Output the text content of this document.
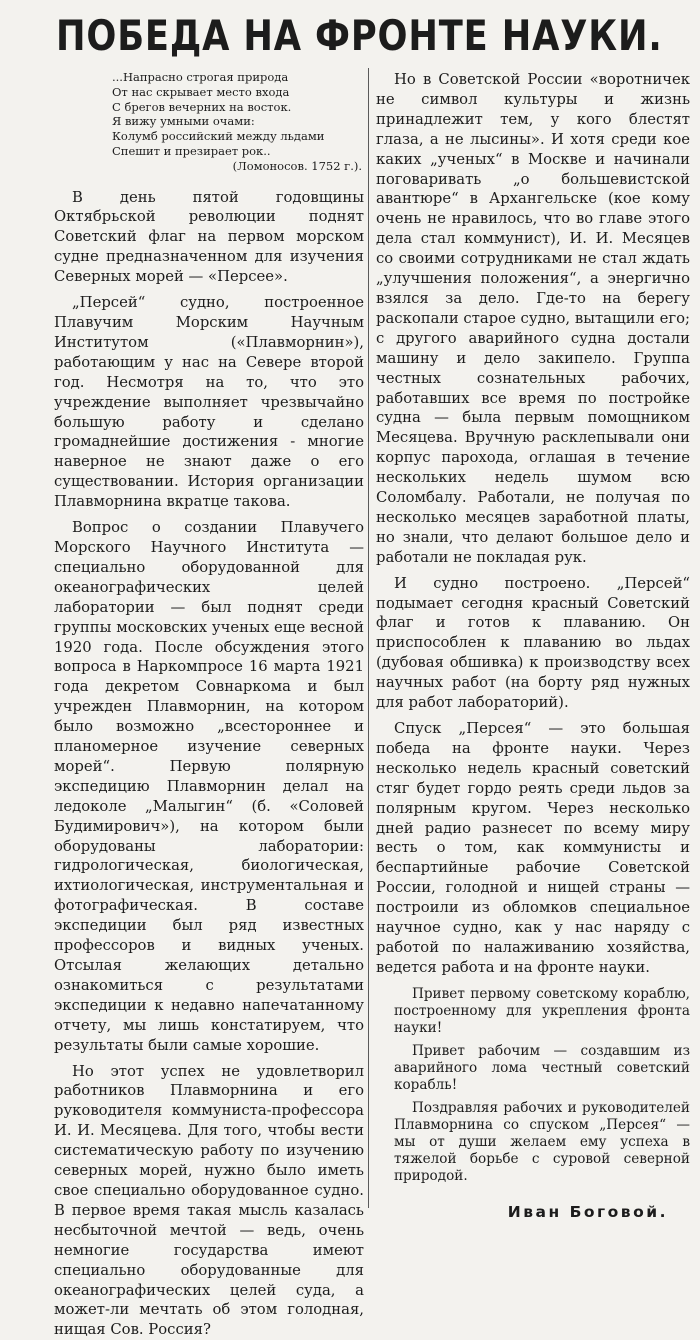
ПОБЕДА НА ФРОНТЕ НАУКИ.
...Напрасно строгая природа
От нас скрывает место входа
С брегов вечерних на восток.
Я вижу умными очами:
Колумб российский между льдами
Спешит и презирает рок..
(Ломоносов. 1752 г.).

В день пятой годовщины Октябрьской революции поднят Советский флаг на первом морском судне предназначенном для изучения Северных морей — «Персее».

„Персей“ судно, построенное Плавучим Морским Научным Институтом («Плавморнин»), работающим у нас на Севере второй год. Несмотря на то, что это учреждение выполняет чрезвычайно большую работу и сделано громаднейшие достижения - многие наверное не знают даже о его существовании. История организации Плавморнина вкратце такова.

Вопрос о создании Плавучего Морского Научного Института — специально оборудованной для океанографических целей лаборатории — был поднят среди группы московских ученых еще весной 1920 года. После обсуждения этого вопроса в Наркомпросе 16 марта 1921 года декретом Совнаркома и был учрежден Плавморнин, на котором было возможно „всестороннее и планомерное изучение северных морей“. Первую полярную экспедицию Плавморнин делал на ледоколе „Малыгин“ (б. «Соловей Будимирович»), на котором были оборудованы лаборатории: гидрологическая, биологическая, ихтиологическая, инструментальная и фотографическая. В составе экспедиции был ряд известных профессоров и видных ученых. Отсылая желающих детально ознакомиться с результатами экспедиции к недавно напечатанному отчету, мы лишь констатируем, что результаты были самые хорошие.

Но этот успех не удовлетворил работников Плавморнина и его руководителя коммуниста-профессора И. И. Месяцева. Для того, чтобы вести систематическую работу по изучению северных морей, нужно было иметь свое специально оборудованное судно. В первое время такая мысль казалась несбыточной мечтой — ведь, очень немногие государства имеют специально оборудованные для океанографических целей суда, а может-ли мечтать об этом голодная, нищая Сов. Россия?

Но в Советской России «воротничек не символ культуры и жизнь принадлежит тем, у кого блестят глаза, а не лысины». И хотя среди кое каких „ученых“ в Москве и начинали поговаривать „о большевистской авантюре“ в Архангельске (кое кому очень не нравилось, что во главе этого дела стал коммунист), И. И. Месяцев со своими сотрудниками не стал ждать „улучшения положения“, а энергично взялся за дело. Где-то на берегу раскопали старое судно, вытащили его; с другого аварийного судна достали машину и дело закипело. Группа честных сознательных рабочих, работавших все время по постройке судна — была первым помощником Месяцева. Вручную расклепывали они корпус парохода, оглашая в течение нескольких недель шумом всю Соломбалу. Работали, не получая по несколько месяцев заработной платы, но знали, что делают большое дело и работали не покладая рук.

И судно построено. „Персей“ подымает сегодня красный Советский флаг и готов к плаванию. Он приспособлен к плаванию во льдах (дубовая обшивка) к производству всех научных работ (на борту ряд нужных для работ лабораторий).

Спуск „Персея“ — это большая победа на фронте науки. Через несколько недель красный советский стяг будет гордо реять среди льдов за полярным кругом. Через несколько дней радио разнесет по всему миру весть о том, как коммунисты и беспартийные рабочие Советской России, голодной и нищей страны — построили из обломков специальное научное судно, как у нас наряду с работой по налаживанию хозяйства, ведется работа и на фронте науки.

Привет первому советскому кораблю, построенному для укрепления фронта науки!

Привет рабочим — создавшим из аварийного лома честный советский корабль!

Поздравляя рабочих и руководителей Плавморнина со спуском „Персея“ — мы от души желаем ему успеха в тяжелой борьбе с суровой северной природой.

Иван Боговой.
